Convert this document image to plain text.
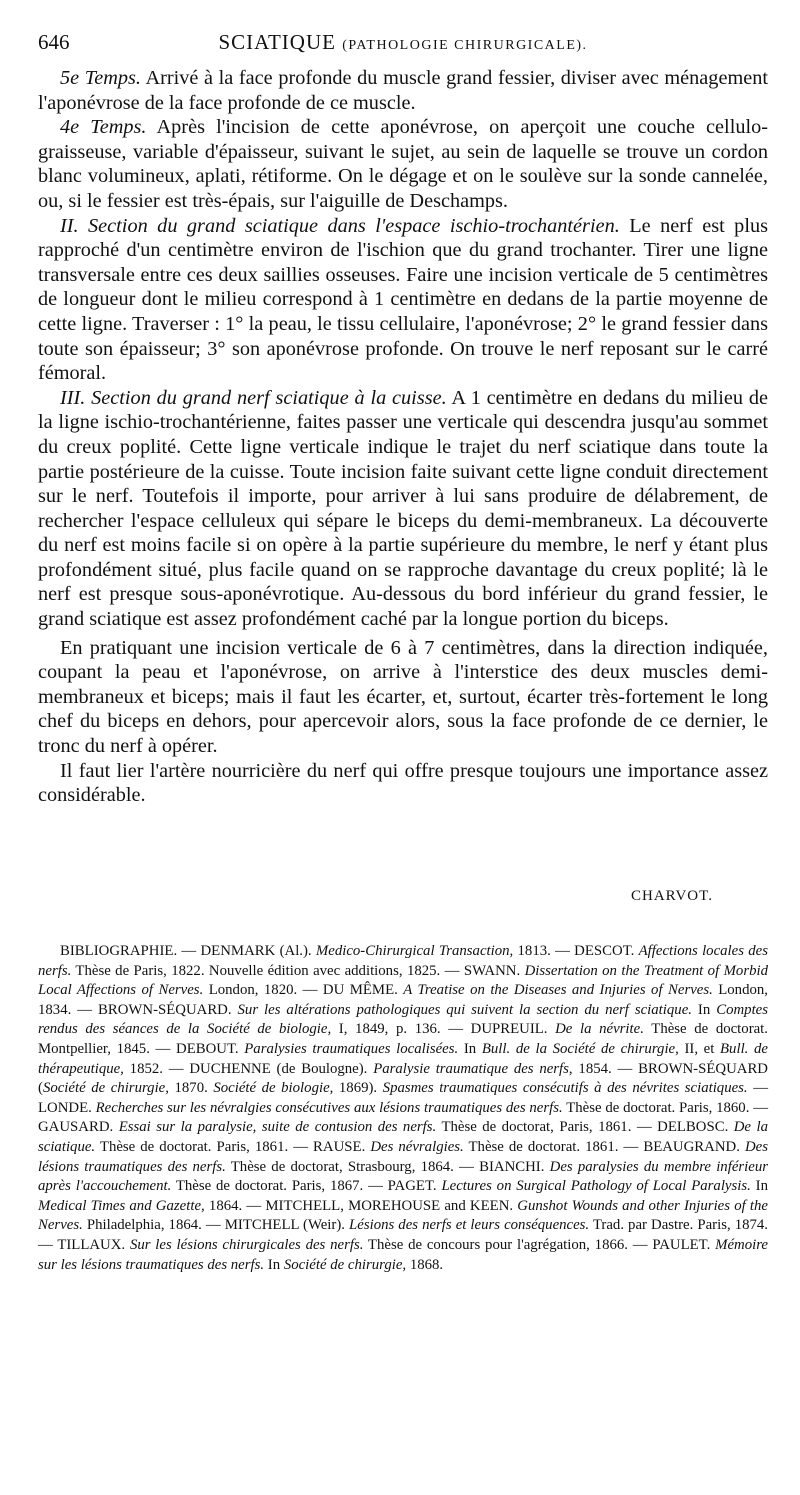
646	SCIATIQUE (PATHOLOGIE CHIRURGICALE).

5e Temps. Arrivé à la face profonde du muscle grand fessier, diviser avec ménagement l'aponévrose de la face profonde de ce muscle.

4e Temps. Après l'incision de cette aponévrose, on aperçoit une couche cellulo-graisseuse, variable d'épaisseur, suivant le sujet, au sein de laquelle se trouve un cordon blanc volumineux, aplati, rétiforme. On le dégage et on le soulève sur la sonde cannelée, ou, si le fessier est très-épais, sur l'aiguille de Deschamps.

II. Section du grand sciatique dans l'espace ischio-trochantérien. Le nerf est plus rapproché d'un centimètre environ de l'ischion que du grand trochanter. Tirer une ligne transversale entre ces deux saillies osseuses. Faire une incision verticale de 5 centimètres de longueur dont le milieu correspond à 1 centimètre en dedans de la partie moyenne de cette ligne. Traverser : 1° la peau, le tissu cellulaire, l'aponévrose; 2° le grand fessier dans toute son épaisseur; 3° son aponévrose profonde. On trouve le nerf reposant sur le carré fémoral.

III. Section du grand nerf sciatique à la cuisse. A 1 centimètre en dedans du milieu de la ligne ischio-trochantérienne, faites passer une verticale qui descendra jusqu'au sommet du creux poplité. Cette ligne verticale indique le trajet du nerf sciatique dans toute la partie postérieure de la cuisse. Toute incision faite suivant cette ligne conduit directement sur le nerf. Toutefois il importe, pour arriver à lui sans produire de délabrement, de rechercher l'espace celluleux qui sépare le biceps du demi-membraneux. La découverte du nerf est moins facile si on opère à la partie supérieure du membre, le nerf y étant plus profondément situé, plus facile quand on se rapproche davantage du creux poplité; là le nerf est presque sous-aponévrotique. Au-dessous du bord inférieur du grand fessier, le grand sciatique est assez profondément caché par la longue portion du biceps.

En pratiquant une incision verticale de 6 à 7 centimètres, dans la direction indiquée, coupant la peau et l'aponévrose, on arrive à l'interstice des deux muscles demi-membraneux et biceps; mais il faut les écarter, et, surtout, écarter très-fortement le long chef du biceps en dehors, pour apercevoir alors, sous la face profonde de ce dernier, le tronc du nerf à opérer.

Il faut lier l'artère nourricière du nerf qui offre presque toujours une importance assez considérable.

CHARVOT.

BIBLIOGRAPHIE. — DENMARK (Al.). Medico-Chirurgical Transaction, 1813. — DESCOT. Affections locales des nerfs. Thèse de Paris, 1822. Nouvelle édition avec additions, 1825. — SWANN. Dissertation on the Treatment of Morbid Local Affections of Nerves. London, 1820. — DU MÊME. A Treatise on the Diseases and Injuries of Nerves. London, 1834. — BROWN-SÉQUARD. Sur les altérations pathologiques qui suivent la section du nerf sciatique. In Comptes rendus des séances de la Société de biologie, I, 1849, p. 136. — DUPREUIL. De la névrite. Thèse de doctorat. Montpellier, 1845. — DEBOUT. Paralysies traumatiques localisées. In Bull. de la Société de chirurgie, II, et Bull. de thérapeutique, 1852. — DUCHENNE (de Boulogne). Paralysie traumatique des nerfs, 1854. — BROWN-SÉQUARD (Société de chirurgie, 1870. Société de biologie, 1869). Spasmes traumatiques consécutifs à des névrites sciatiques. — LONDE. Recherches sur les névralgies consécutives aux lésions traumatiques des nerfs. Thèse de doctorat. Paris, 1860. — GAUSARD. Essai sur la paralysie, suite de contusion des nerfs. Thèse de doctorat, Paris, 1861. — DELBOSC. De la sciatique. Thèse de doctorat. Paris, 1861. — RAUSE. Des névralgies. Thèse de doctorat. 1861. — BEAUGRAND. Des lésions traumatiques des nerfs. Thèse de doctorat, Strasbourg, 1864. — BIANCHI. Des paralysies du membre inférieur après l'accouchement. Thèse de doctorat. Paris, 1867. — PAGET. Lectures on Surgical Pathology of Local Paralysis. In Medical Times and Gazette, 1864. — MITCHELL, MOREHOUSE and KEEN. Gunshot Wounds and other Injuries of the Nerves. Philadelphia, 1864. — MITCHELL (Weir). Lésions des nerfs et leurs conséquences. Trad. par Dastre. Paris, 1874. — TILLAUX. Sur les lésions chirurgicales des nerfs. Thèse de concours pour l'agrégation, 1866. — PAULET. Mémoire sur les lésions traumatiques des nerfs. In Société de chirurgie, 1868.
